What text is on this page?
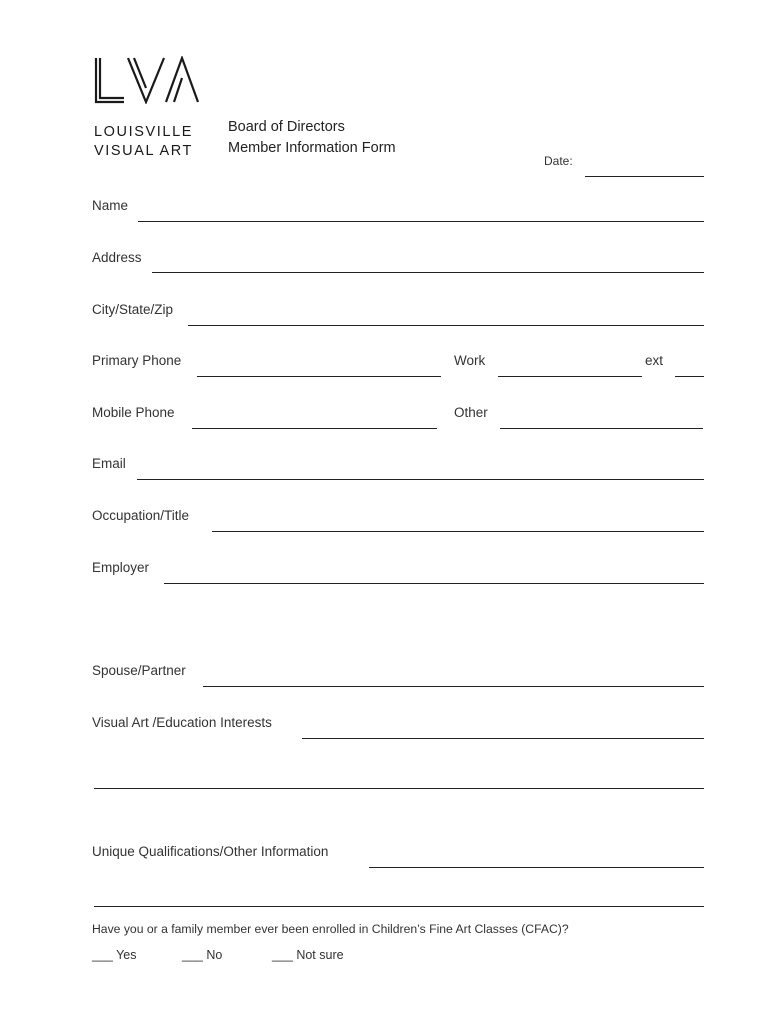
LOUISVILLE
VISUAL ART
Board of Directors
Member Information Form
Date:
Name
Address
City/State/Zip
Primary Phone	Work	ext
Mobile Phone	Other
Email
Occupation/Title
Employer
Spouse/Partner
Visual Art /Education Interests
Unique Qualifications/Other Information
Have you or a family member ever been enrolled in Children’s Fine Art Classes (CFAC)?
___ Yes	___ No	___ Not sure
